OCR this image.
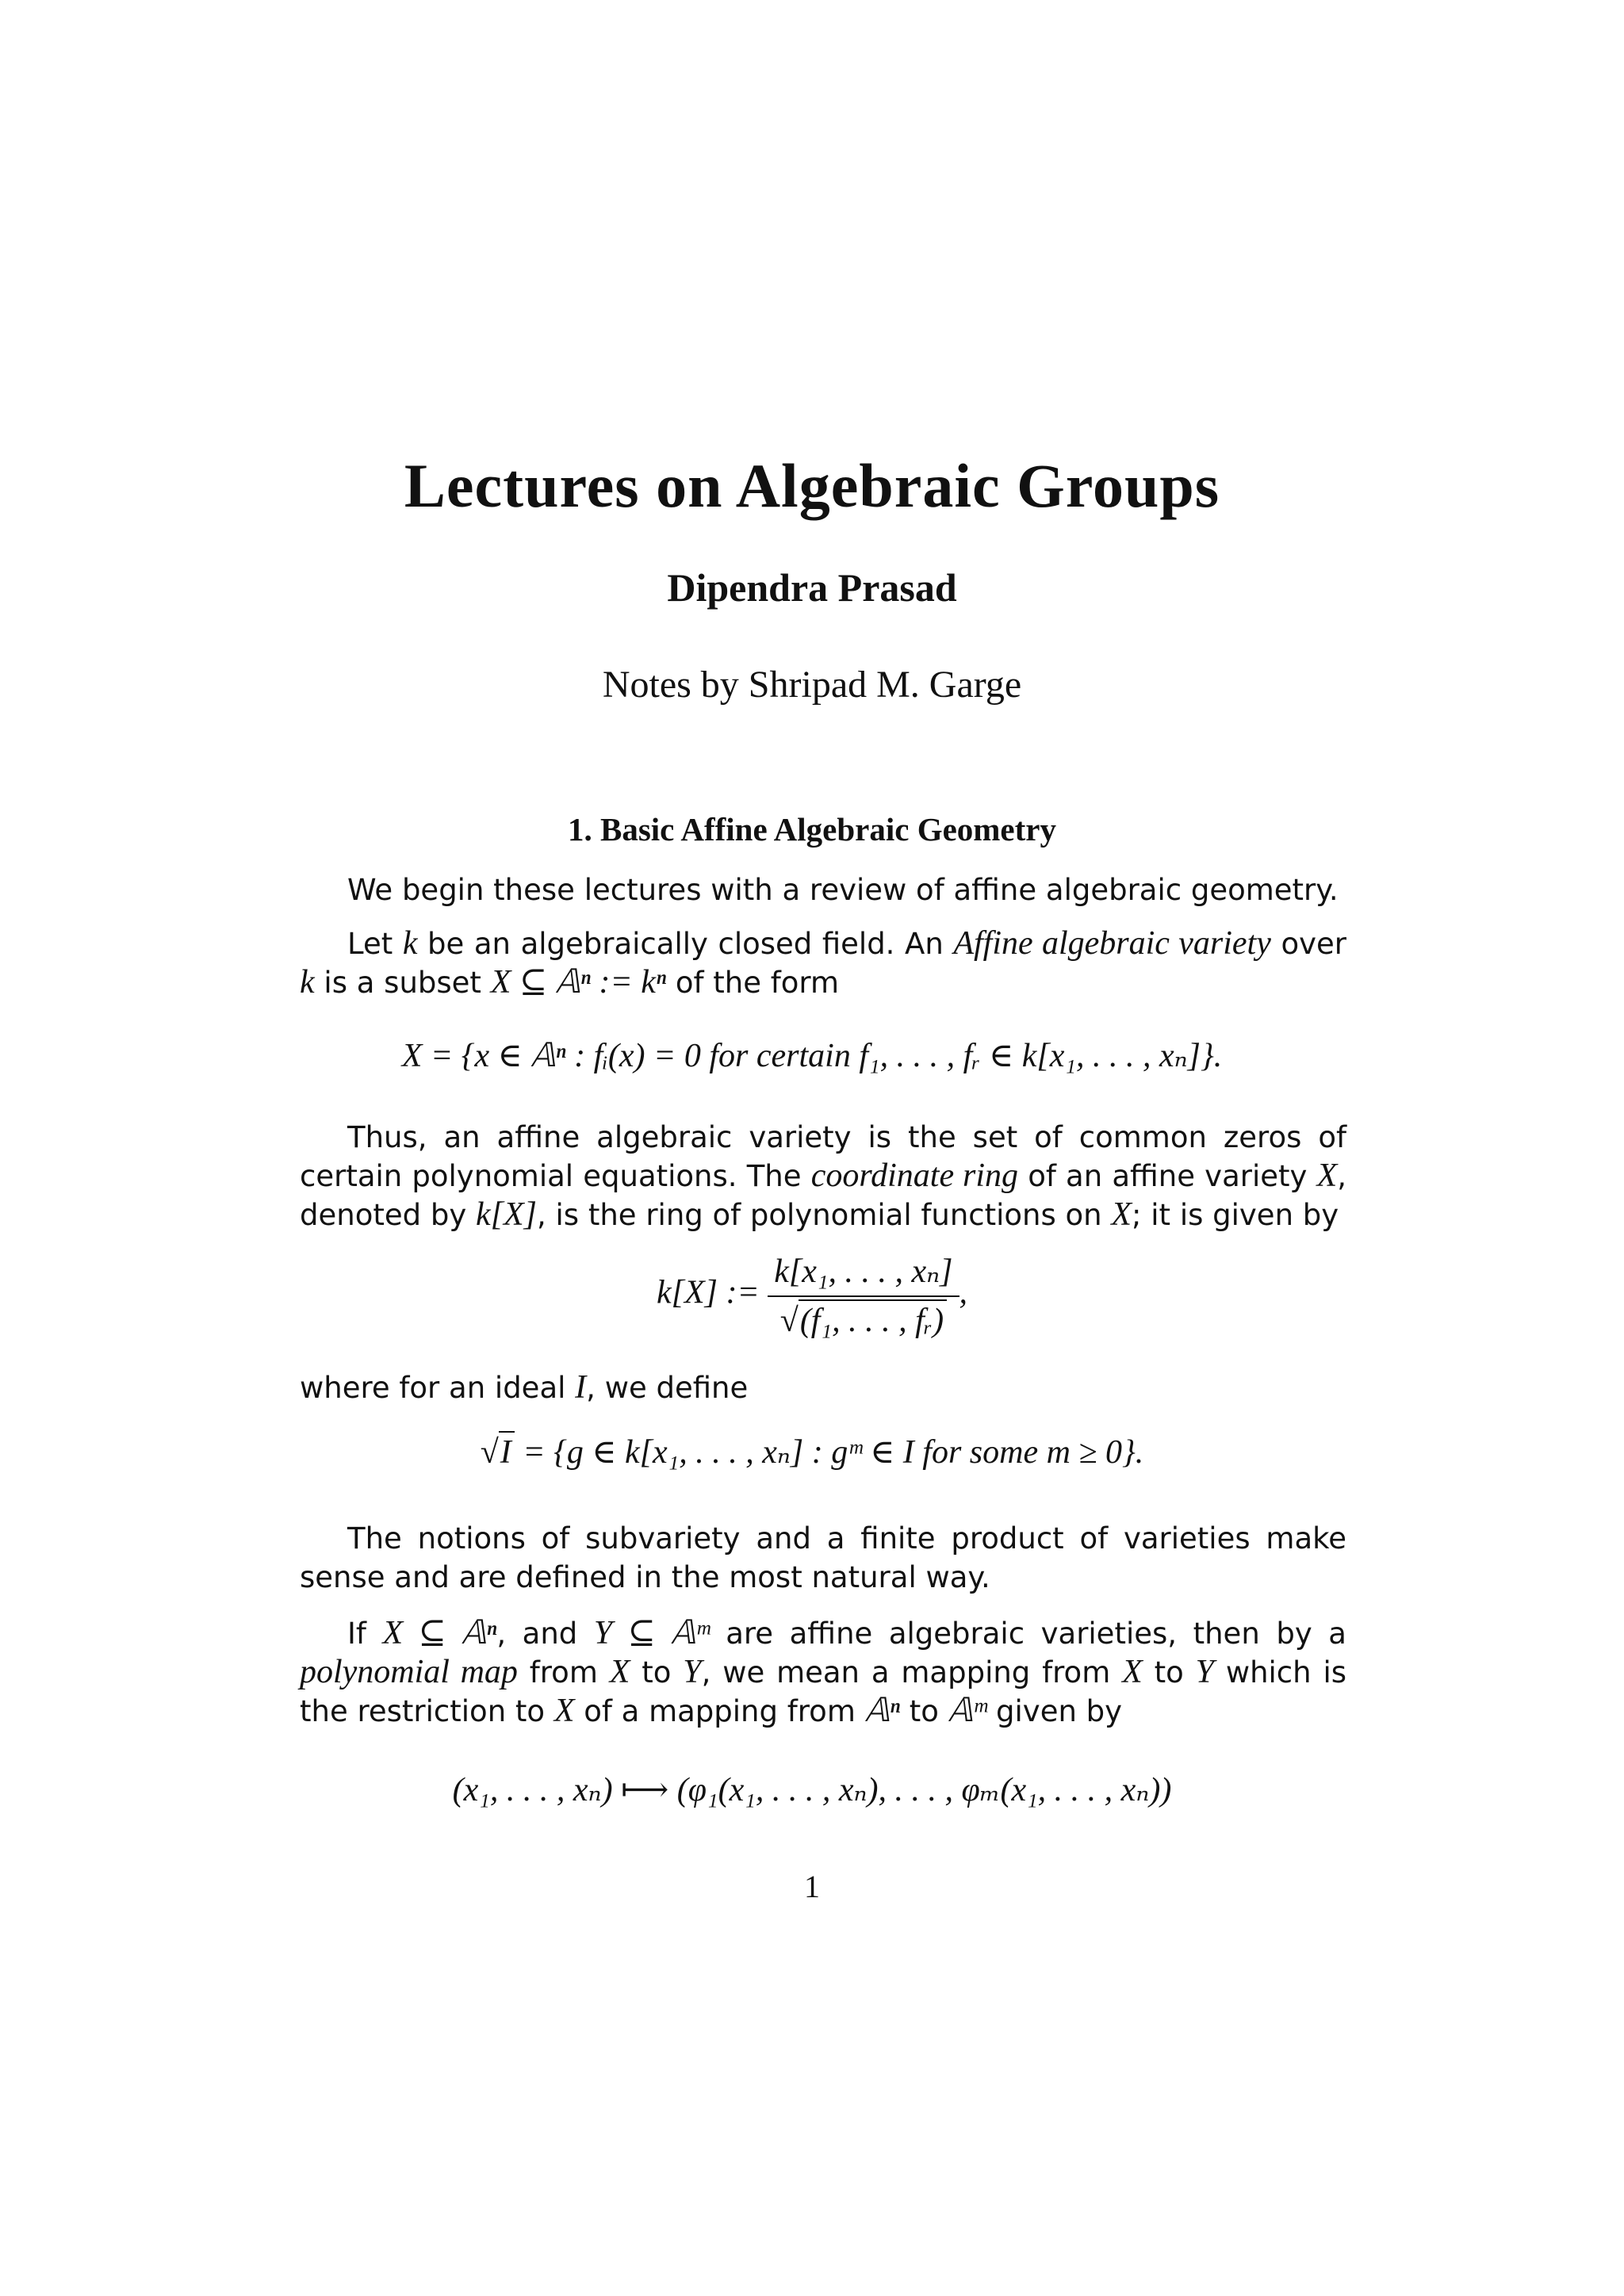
Lectures on Algebraic Groups
Dipendra Prasad
Notes by Shripad M. Garge
1. Basic Affine Algebraic Geometry
We begin these lectures with a review of affine algebraic geometry.
Let k be an algebraically closed field. An Affine algebraic variety over k is a subset X ⊆ 𝔸ⁿ := kⁿ of the form
X = {x ∈ 𝔸ⁿ : fᵢ(x) = 0 for certain f₁, . . . , fᵣ ∈ k[x₁, . . . , xₙ]}.
Thus, an affine algebraic variety is the set of common zeros of certain polynomial equations. The coordinate ring of an affine variety X, denoted by k[X], is the ring of polynomial functions on X; it is given by
k[X] := $\frac{\text{k[x₁, . . . , xₙ]}}{\text{√(f₁, . . . , fᵣ)}}$ ,
where for an ideal I, we define
√I = {g ∈ k[x₁, . . . , xₙ] : gᵐ ∈ I for some m ≥ 0}.
The notions of subvariety and a finite product of varieties make sense and are defined in the most natural way.
If X ⊆ 𝔸ⁿ, and Y ⊆ 𝔸ᵐ are affine algebraic varieties, then by a polynomial map from X to Y, we mean a mapping from X to Y which is the restriction to X of a mapping from 𝔸ⁿ to 𝔸ᵐ given by
(x₁, . . . , xₙ) ⟼ (φ₁(x₁, . . . , xₙ), . . . , φₘ(x₁, . . . , xₙ))
1
